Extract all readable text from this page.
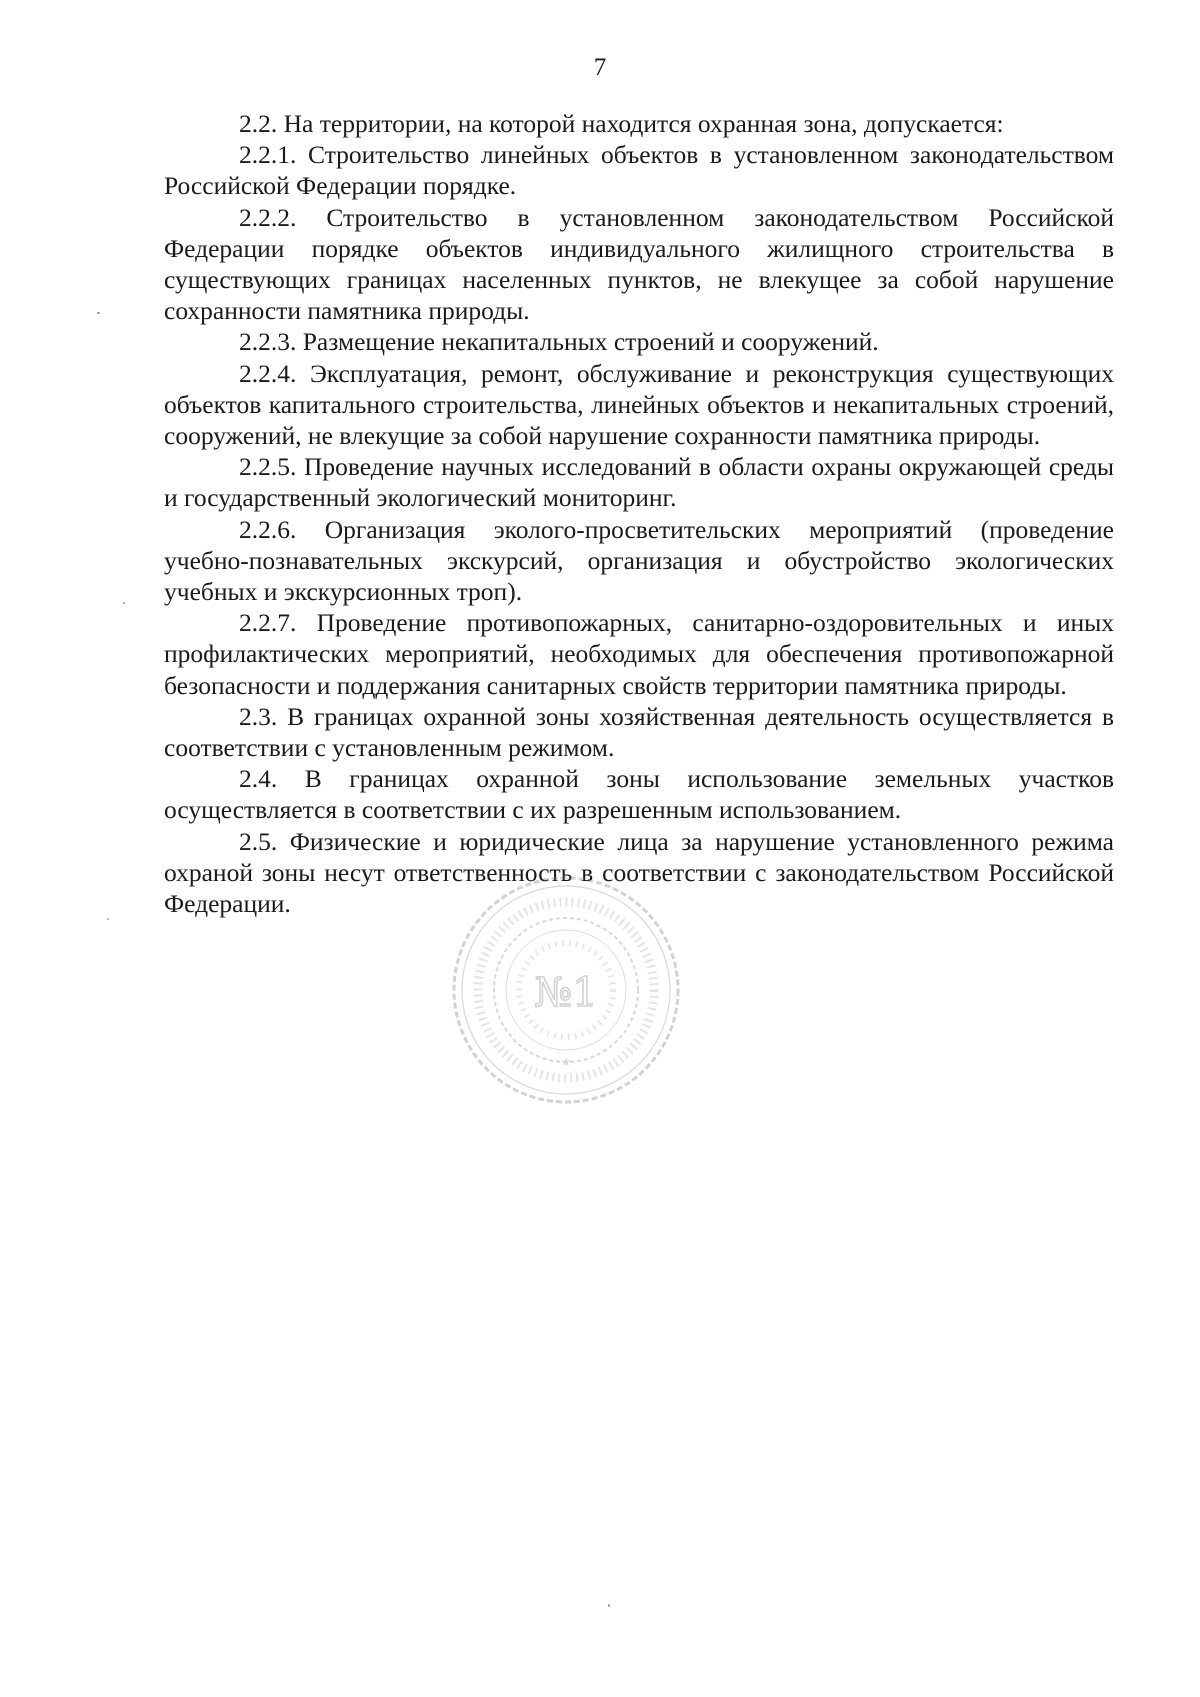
7

2.2. На территории, на которой находится охранная зона, допускается:

2.2.1. Строительство линейных объектов в установленном законодательством Российской Федерации порядке.

2.2.2. Строительство в установленном законодательством Российской Федерации порядке объектов индивидуального жилищного строительства в существующих границах населенных пунктов, не влекущее за собой нарушение сохранности памятника природы.

2.2.3. Размещение некапитальных строений и сооружений.

2.2.4. Эксплуатация, ремонт, обслуживание и реконструкция существующих объектов капитального строительства, линейных объектов и некапитальных строений, сооружений, не влекущие за собой нарушение сохранности памятника природы.

2.2.5. Проведение научных исследований в области охраны окружающей среды и государственный экологический мониторинг.

2.2.6. Организация эколого-просветительских мероприятий (проведение учебно-познавательных экскурсий, организация и обустройство экологических учебных и экскурсионных троп).

2.2.7. Проведение противопожарных, санитарно-оздоровительных и иных профилактических мероприятий, необходимых для обеспечения противопожарной безопасности и поддержания санитарных свойств территории памятника природы.

2.3. В границах охранной зоны хозяйственная деятельность осуществляется в соответствии с установленным режимом.

2.4. В границах охранной зоны использование земельных участков осуществляется в соответствии с их разрешенным использованием.

2.5. Физические и юридические лица за нарушение установленного режима охраной зоны несут ответственность в соответствии с законодательством Российской Федерации.

№1
★
